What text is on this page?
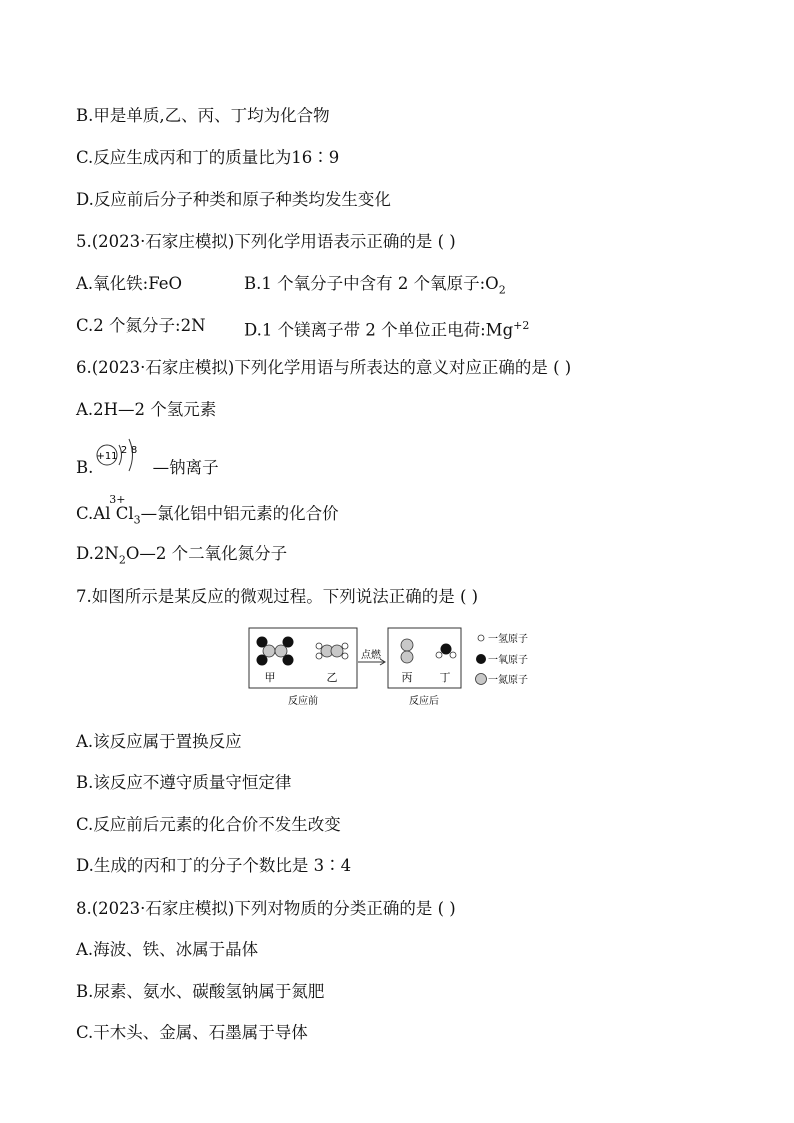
B.甲是单质,乙、丙、丁均为化合物
C.反应生成丙和丁的质量比为16∶9
D.反应前后分子种类和原子种类均发生变化
5.(2023·石家庄模拟)下列化学用语表示正确的是 ( )
A.氧化铁:FeO	B.1 个氧分子中含有 2 个氧原子$:O_2$
C.2 个氮分子:2N D.1 个镁离子带 2 个单位正电荷$:Mg^{+2}$
6.(2023·石家庄模拟)下列化学用语与所表达的意义对应正确的是 ( )
A.2H—2 个氢元素
B.
+11
2 8
—钠离子
C.
3+
Al $Cl_3—$氯化铝中铝元素的化合价
$D.2N_2O—2$ 个二氧化氮分子
7.如图所示是某反应的微观过程。下列说法正确的是 ( )
甲	乙
反应前
点燃
丙 丁
反应后
一氢原子
一氧原子
一氮原子
A.该反应属于置换反应
B.该反应不遵守质量守恒定律
C.反应前后元素的化合价不发生改变
D.生成的丙和丁的分子个数比是 3∶4
8.(2023·石家庄模拟)下列对物质的分类正确的是 ( )
A.海波、铁、冰属于晶体
B.尿素、氨水、碳酸氢钠属于氮肥
C.干木头、金属、石墨属于导体
